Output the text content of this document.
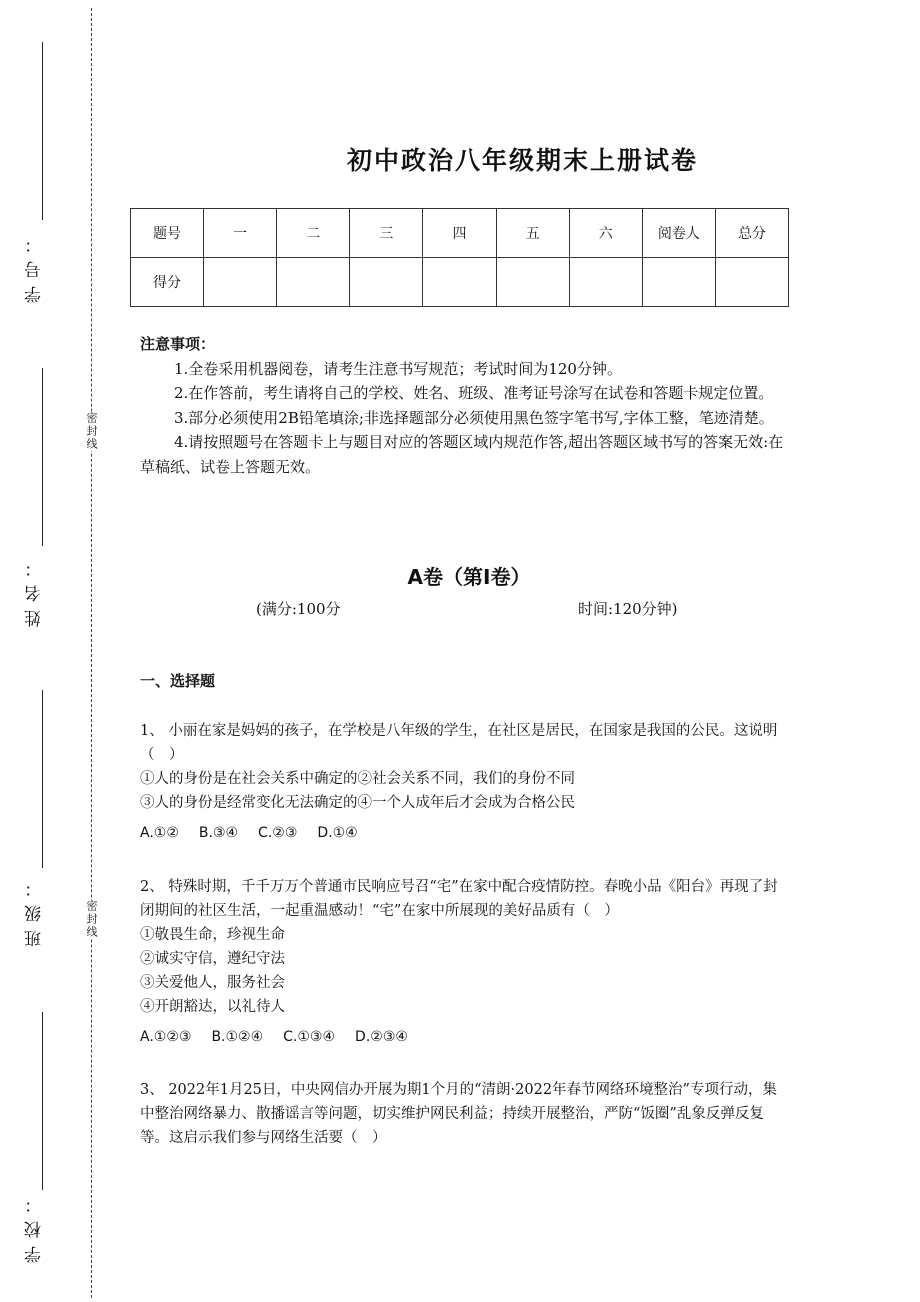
学号：
姓名：
班级：
学校：
密封线
密封线
初中政治八年级期末上册试卷
题号	一	二	三	四	五	六	阅卷人	总分
得分								
注意事项：

1.全卷采用机器阅卷，请考生注意书写规范；考试时间为120分钟。

2.在作答前，考生请将自己的学校、姓名、班级、准考证号涂写在试卷和答题卡规定位置。

3.部分必须使用2B铅笔填涂;非选择题部分必须使用黑色签字笔书写,字体工整，笔迹清楚。

4.请按照题号在答题卡上与题目对应的答题区域内规范作答,超出答题区域书写的答案无效:在草稿纸、试卷上答题无效。

A卷（第I卷）
(满分:100分	时间:120分钟)
一、选择题

1、 小丽在家是妈妈的孩子，在学校是八年级的学生，在社区是居民，在国家是我国的公民。这说明（　）

①人的身份是在社会关系中确定的②社会关系不同，我们的身份不同

③人的身份是经常变化无法确定的④一个人成年后才会成为合格公民

A.①② B.③④ C.②③ D.①④

2、 特殊时期，千千万万个普通市民响应号召“宅”在家中配合疫情防控。春晚小品《阳台》再现了封闭期间的社区生活，一起重温感动！“宅”在家中所展现的美好品质有（　）

①敬畏生命，珍视生命

②诚实守信，遵纪守法

③关爱他人，服务社会

④开朗豁达，以礼待人

A.①②③ B.①②④ C.①③④ D.②③④

3、 2022年1月25日，中央网信办开展为期1个月的“清朗·2022年春节网络环境整治”专项行动，集中整治网络暴力、散播谣言等问题，切实维护网民利益；持续开展整治，严防“饭圈”乱象反弹反复等。这启示我们参与网络生活要（　）
